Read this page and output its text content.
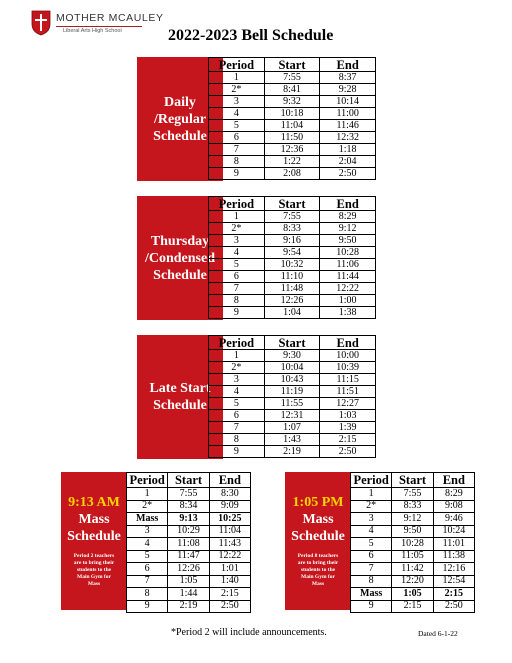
MOTHER MCAULEY
Liberal Arts High School	2022-2023 Bell Schedule
Daily
/Regular
Schedule
Period	Start	End
1	7:55	8:37
2*	8:41	9:28
3	9:32	10:14
4	10:18	11:00
5	11:04	11:46
6	11:50	12:32
7	12:36	1:18
8	1:22	2:04
9	2:08	2:50
Thursday
/Condensed
Schedule
Period	Start	End
1	7:55	8:29
2*	8:33	9:12
3	9:16	9:50
4	9:54	10:28
5	10:32	11:06
6	11:10	11:44
7	11:48	12:22
8	12:26	1:00
9	1:04	1:38
Late Start
Schedule
Period	Start	End
1	9:30	10:00
2*	10:04	10:39
3	10:43	11:15
4	11:19	11:51
5	11:55	12:27
6	12:31	1:03
7	1:07	1:39
8	1:43	2:15
9	2:19	2:50
9:13 AM
Mass
Schedule
Period 2 teachers
are to bring their
students to the
Main Gym for
Mass
Period	Start	End
1	7:55	8:30
2*	8:34	9:09
Mass	9:13	10:25
3	10:29	11:04
4	11:08	11:43
5	11:47	12:22
6	12:26	1:01
7	1:05	1:40
8	1:44	2:15
9	2:19	2:50
1:05 PM
Mass
Schedule
Period 8 teachers
are to bring their
students to the
Main Gym for
Mass
Period	Start	End
1	7:55	8:29
2*	8:33	9:08
3	9:12	9:46
4	9:50	10:24
5	10:28	11:01
6	11:05	11:38
7	11:42	12:16
8	12:20	12:54
Mass	1:05	2:15
9	2:15	2:50
*Period 2 will include announcements.	Dated 6-1-22
